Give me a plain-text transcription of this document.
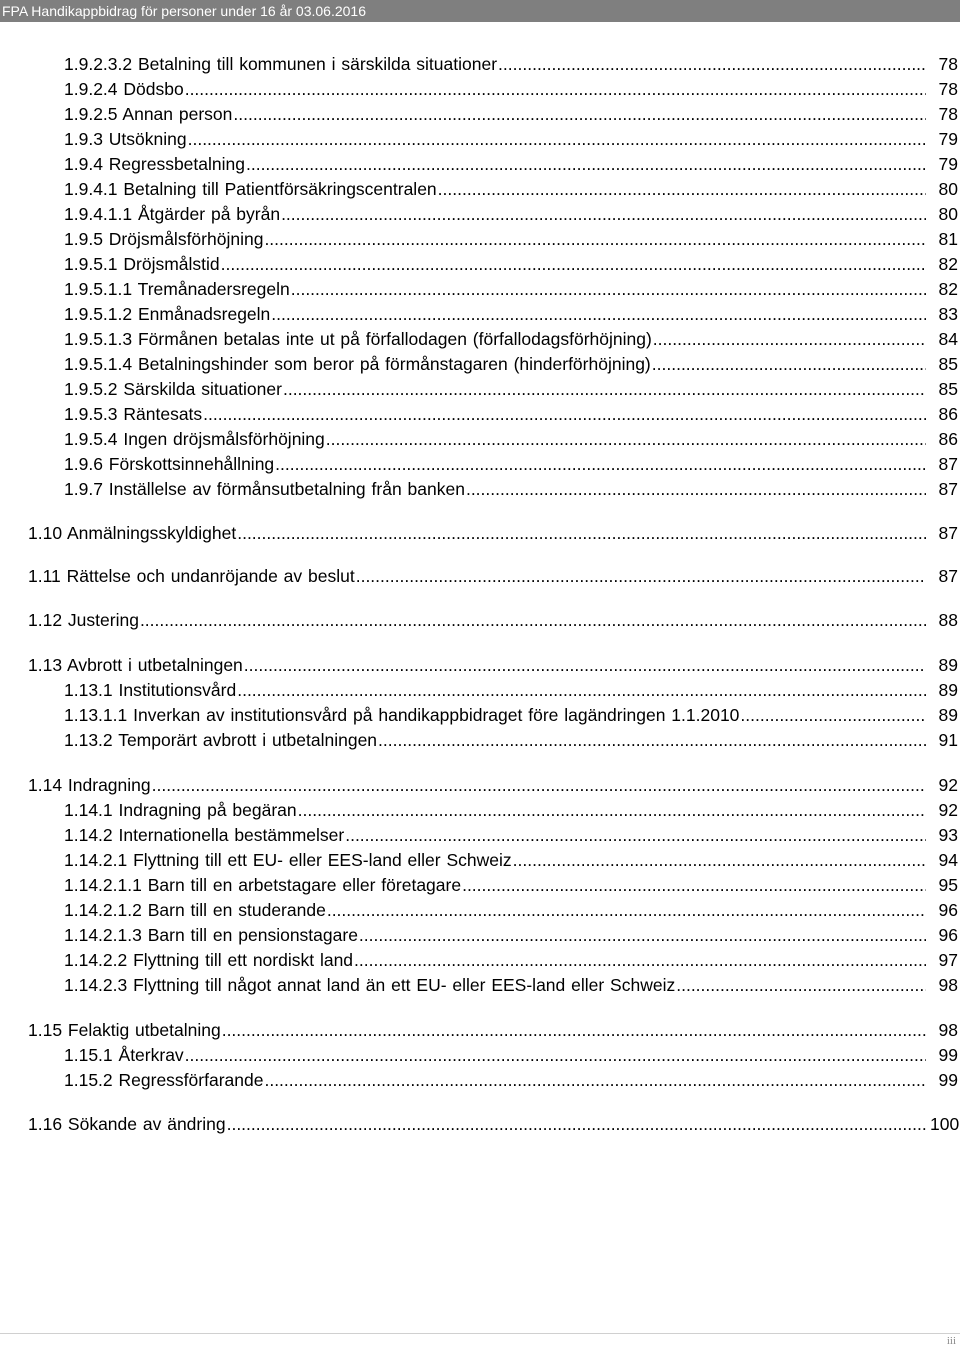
FPA Handikappbidrag för personer under 16 år 03.06.2016
1.9.2.3.2 Betalning till kommunen i särskilda situationer .....	78
1.9.2.4 Dödsbo .....	78
1.9.2.5 Annan person .....	78
1.9.3 Utsökning .....	79
1.9.4 Regressbetalning .....	79
1.9.4.1 Betalning till Patientförsäkringscentralen .....	80
1.9.4.1.1 Åtgärder på byrån .....	80
1.9.5 Dröjsmålsförhöjning .....	81
1.9.5.1 Dröjsmålstid .....	82
1.9.5.1.1 Tremånadersregeln .....	82
1.9.5.1.2 Enmånadsregeln .....	83
1.9.5.1.3 Förmånen betalas inte ut på förfallodagen (förfallodagsförhöjning) .....	84
1.9.5.1.4 Betalningshinder som beror på förmånstagaren (hinderförhöjning) .....	85
1.9.5.2 Särskilda situationer .....	85
1.9.5.3 Räntesats .....	86
1.9.5.4 Ingen dröjsmålsförhöjning .....	86
1.9.6 Förskottsinnehållning .....	87
1.9.7 Inställelse av förmånsutbetalning från banken .....	87
1.10 Anmälningsskyldighet .....	87
1.11 Rättelse och undanröjande av beslut .....	87
1.12 Justering .....	88
1.13 Avbrott i utbetalningen .....	89
1.13.1 Institutionsvård .....	89
1.13.1.1 Inverkan av institutionsvård på handikappbidraget före lagändringen 1.1.2010 .....	89
1.13.2 Temporärt avbrott i utbetalningen .....	91
1.14 Indragning .....	92
1.14.1 Indragning på begäran .....	92
1.14.2 Internationella bestämmelser .....	93
1.14.2.1 Flyttning till ett EU- eller EES-land eller Schweiz .....	94
1.14.2.1.1 Barn till en arbetstagare eller företagare .....	95
1.14.2.1.2 Barn till en studerande .....	96
1.14.2.1.3 Barn till en pensionstagare .....	96
1.14.2.2 Flyttning till ett nordiskt land .....	97
1.14.2.3 Flyttning till något annat land än ett EU- eller EES-land eller Schweiz .....	98
1.15 Felaktig utbetalning .....	98
1.15.1 Återkrav .....	99
1.15.2 Regressförfarande .....	99
1.16 Sökande av ändring .....	100
iii
